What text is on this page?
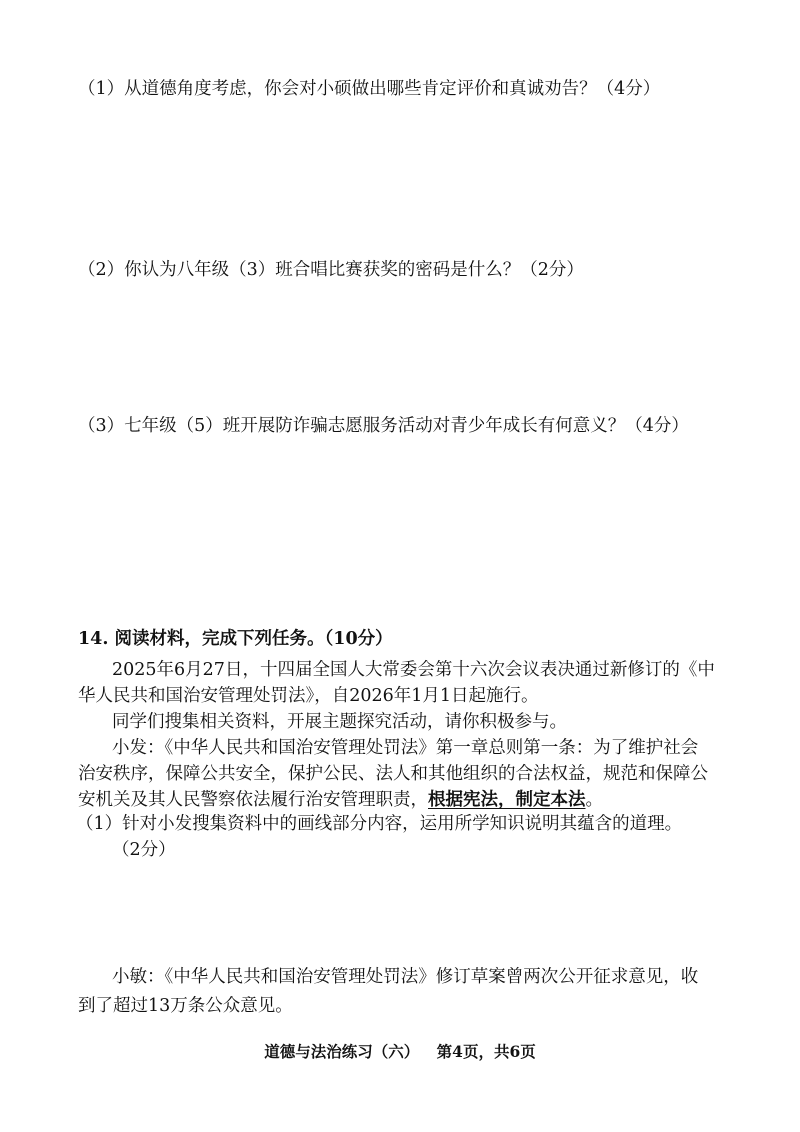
（1）从道德角度考虑，你会对小硕做出哪些肯定评价和真诚劝告？（4分）
（2）你认为八年级（3）班合唱比赛获奖的密码是什么？（2分）
（3）七年级（5）班开展防诈骗志愿服务活动对青少年成长有何意义？（4分）
14. 阅读材料，完成下列任务。（10分）
2025年6月27日，十四届全国人大常委会第十六次会议表决通过新修订的《中
华人民共和国治安管理处罚法》，自2026年1月1日起施行。
同学们搜集相关资料，开展主题探究活动，请你积极参与。
小发：《中华人民共和国治安管理处罚法》第一章总则第一条：为了维护社会
治安秩序，保障公共安全，保护公民、法人和其他组织的合法权益，规范和保障公
安机关及其人民警察依法履行治安管理职责，根据宪法，制定本法。
（1）针对小发搜集资料中的画线部分内容，运用所学知识说明其蕴含的道理。
（2分）
小敏：《中华人民共和国治安管理处罚法》修订草案曾两次公开征求意见，收
到了超过13万条公众意见。
道德与法治练习（六） 第4页，共6页
